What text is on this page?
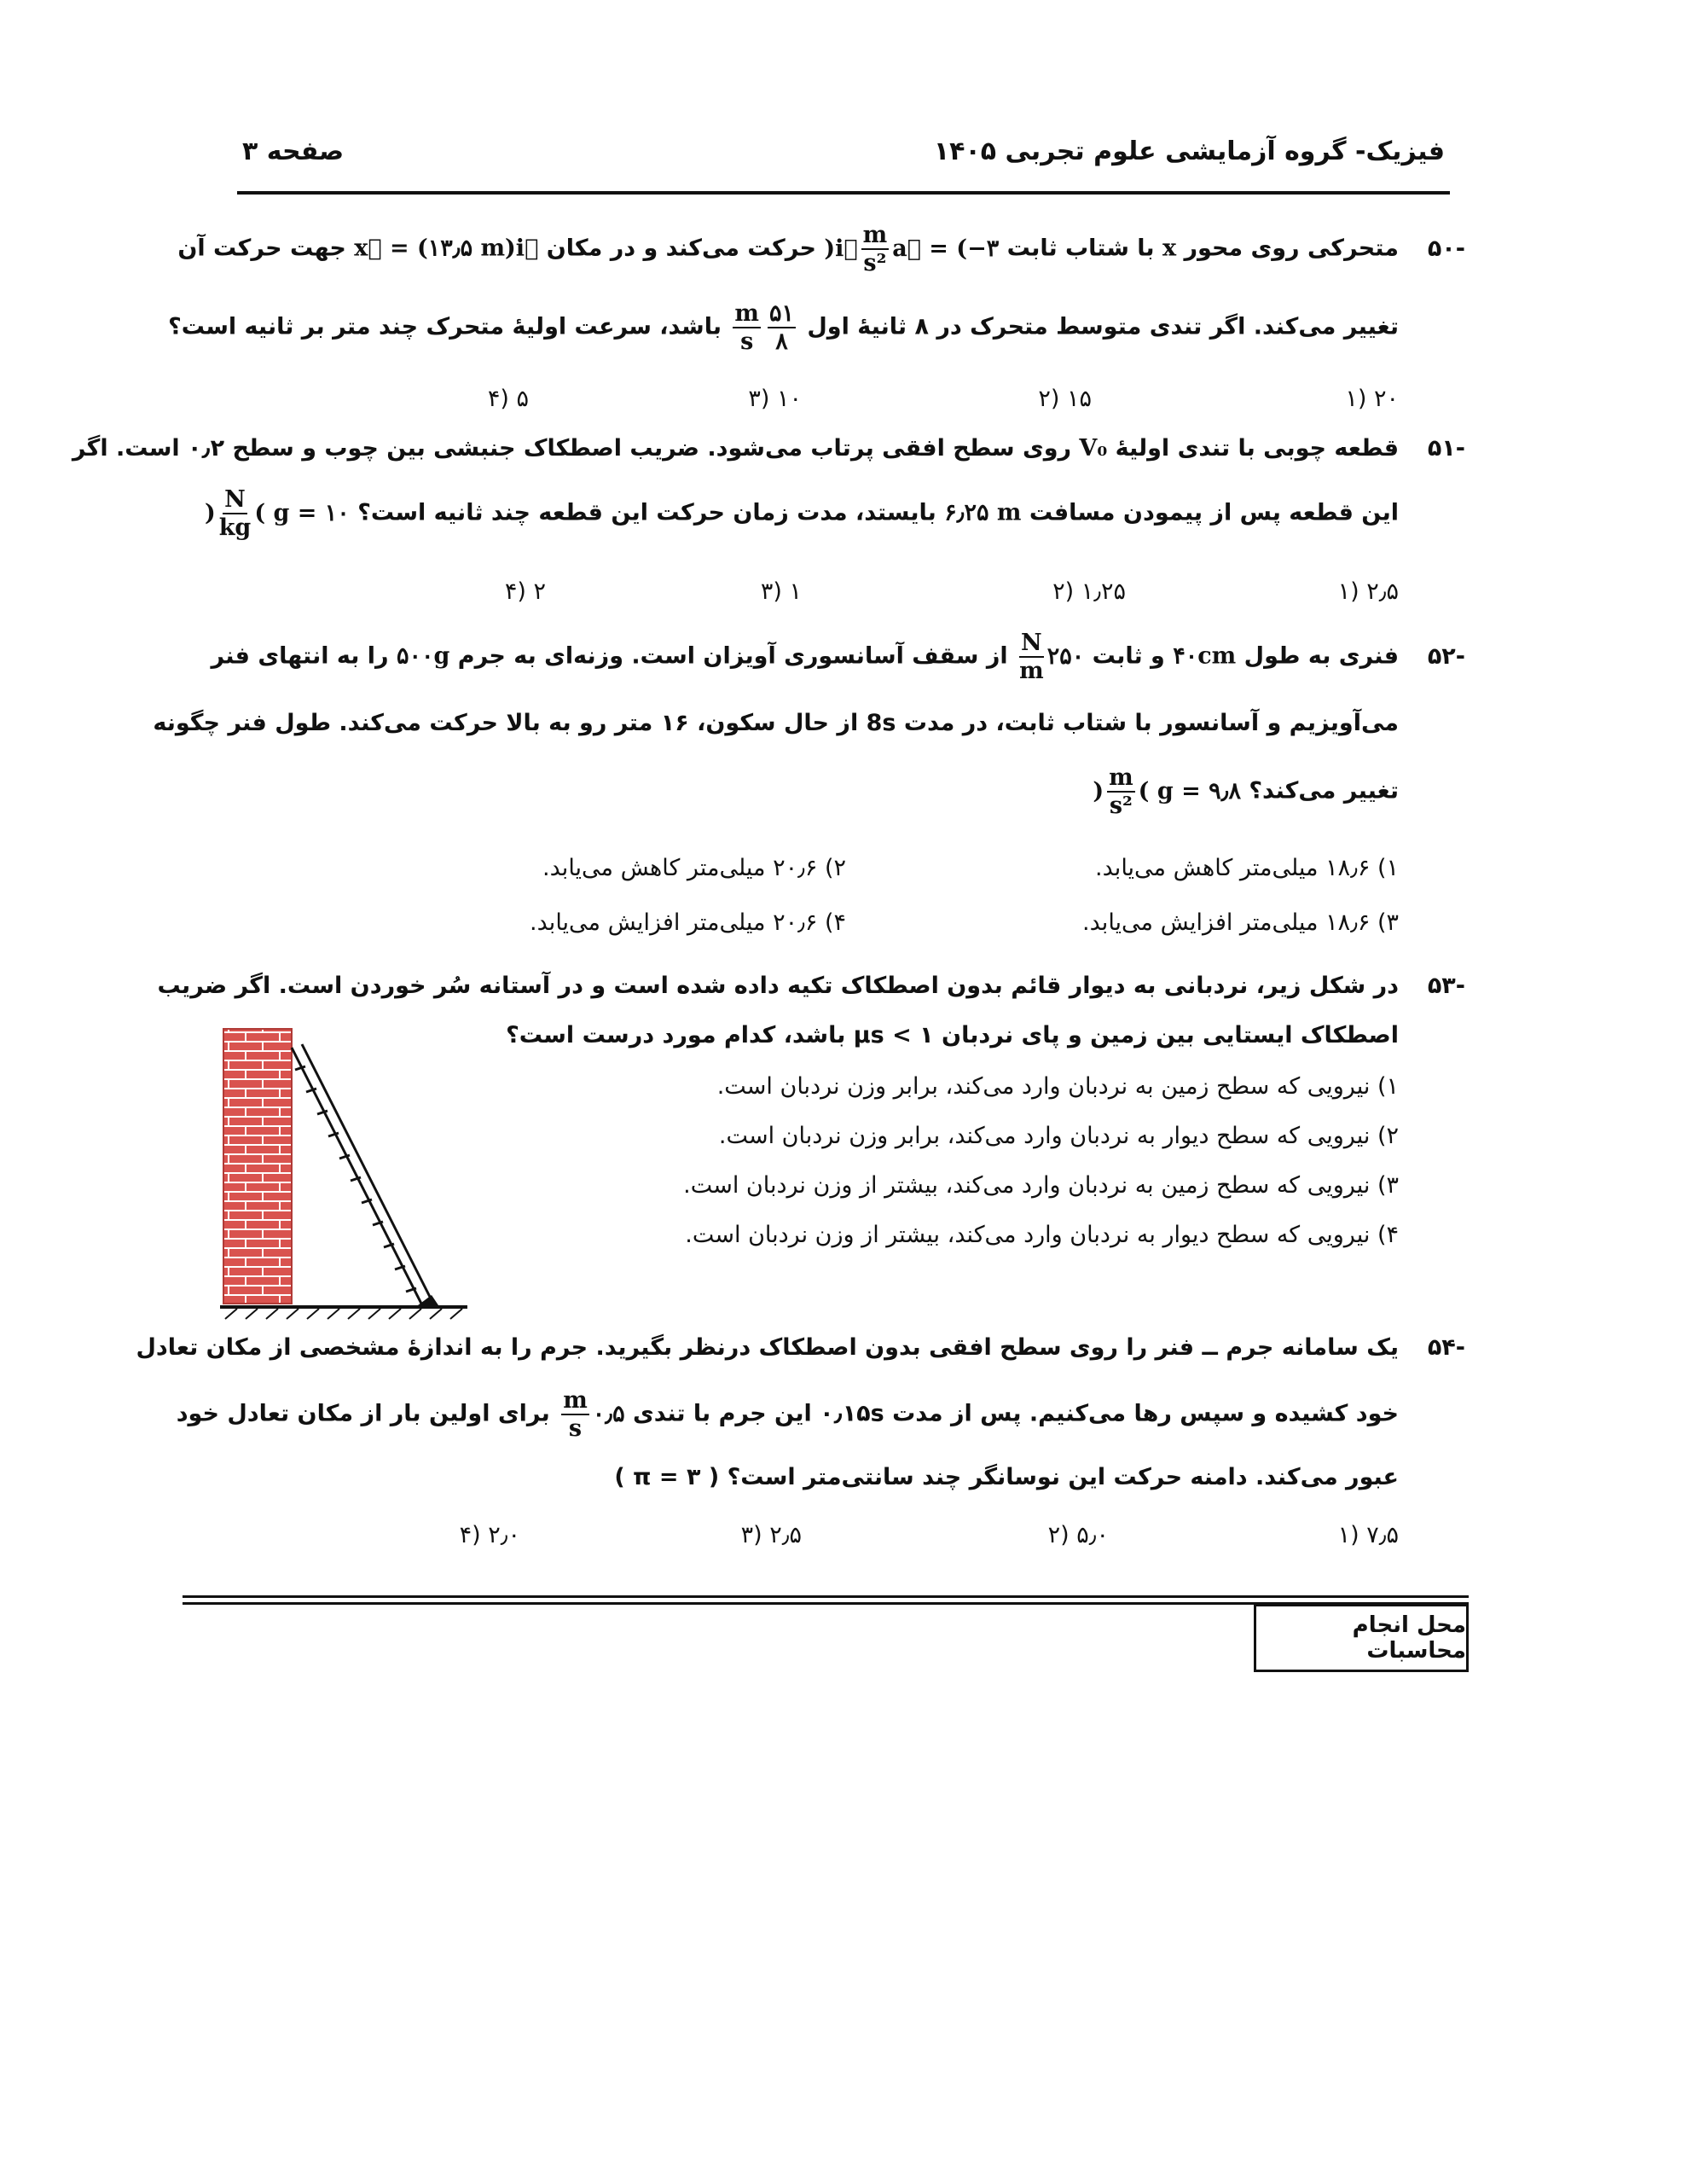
فیزیک- گروه آزمایشی علوم تجربی ۱۴۰۵
صفحه ۳
-۵۰
متحرکی روی محور x با شتاب ثابت )i⃗ $\frac{m}{\text{s²}}$ a⃗ = (−۳ حرکت می‌کند و در مکان x⃗ = (۱۳٫۵ m)i⃗ جهت حرکت آن
تغییر می‌کند. اگر تندی متوسط متحرک در ۸ ثانیهٔ اول
$\frac{۵۱}{۸}$
$\frac{m}{s}$
باشد، سرعت اولیهٔ متحرک چند متر بر ثانیه است؟
۲۰ (۱
۱۵ (۲
۱۰ (۳
۵ (۴
-۵۱
قطعه چوبی با تندی اولیهٔ V₀ روی سطح افقی پرتاب می‌شود. ضریب اصطکاک جنبشی بین چوب و سطح ۰٫۲ است. اگر
این قطعه پس از پیمودن مسافت ۶٫۲۵ m بایستد، مدت زمان حرکت این قطعه چند ثانیه است؟ ) $\frac{N}{kg}$ ( g = ۱۰
۲٫۵ (۱
۱٫۲۵ (۲
۱ (۳
۲ (۴
-۵۲
فنری به طول ۴۰cm و ثابت
$\frac{N}{m}$ ۲۵۰ از سقف آسانسوری آویزان است. وزنه‌ای به جرم ۵۰۰g را به انتهای فنر
می‌آویزیم و آسانسور با شتاب ثابت، در مدت 8s از حال سکون، ۱۶ متر رو به بالا حرکت می‌کند. طول فنر چگونه
تغییر می‌کند؟ ) $\frac{m}{\text{s²}}$ ( g = ۹٫۸
۱) ۱۸٫۶ میلی‌متر کاهش می‌یابد.
۲) ۲۰٫۶ میلی‌متر کاهش می‌یابد.
۳) ۱۸٫۶ میلی‌متر افزایش می‌یابد.
۴) ۲۰٫۶ میلی‌متر افزایش می‌یابد.
-۵۳
در شکل زیر، نردبانی به دیوار قائم بدون اصطکاک تکیه داده شده است و در آستانه سُر خوردن است. اگر ضریب
اصطکاک ایستایی بین زمین و پای نردبان μs < ۱ باشد، کدام مورد درست است؟
۱) نیرویی که سطح زمین به نردبان وارد می‌کند، برابر وزن نردبان است.
۲) نیرویی که سطح دیوار به نردبان وارد می‌کند، برابر وزن نردبان است.
۳) نیرویی که سطح زمین به نردبان وارد می‌کند، بیشتر از وزن نردبان است.
۴) نیرویی که سطح دیوار به نردبان وارد می‌کند، بیشتر از وزن نردبان است.
-۵۴
یک سامانه جرم ــ فنر را روی سطح افقی بدون اصطکاک درنظر بگیرید. جرم را به اندازهٔ مشخصی از مکان تعادل
خود کشیده و سپس رها می‌کنیم. پس از مدت ۰٫۱۵s این جرم با تندی
$\frac{m}{s}$ ۰٫۵ برای اولین بار از مکان تعادل خود
عبور می‌کند. دامنه حرکت این نوسانگر چند سانتی‌متر است؟ ( π = ۳ )
۷٫۵ (۱
۵٫۰ (۲
۲٫۵ (۳
۲٫۰ (۴
محل انجام محاسبات
